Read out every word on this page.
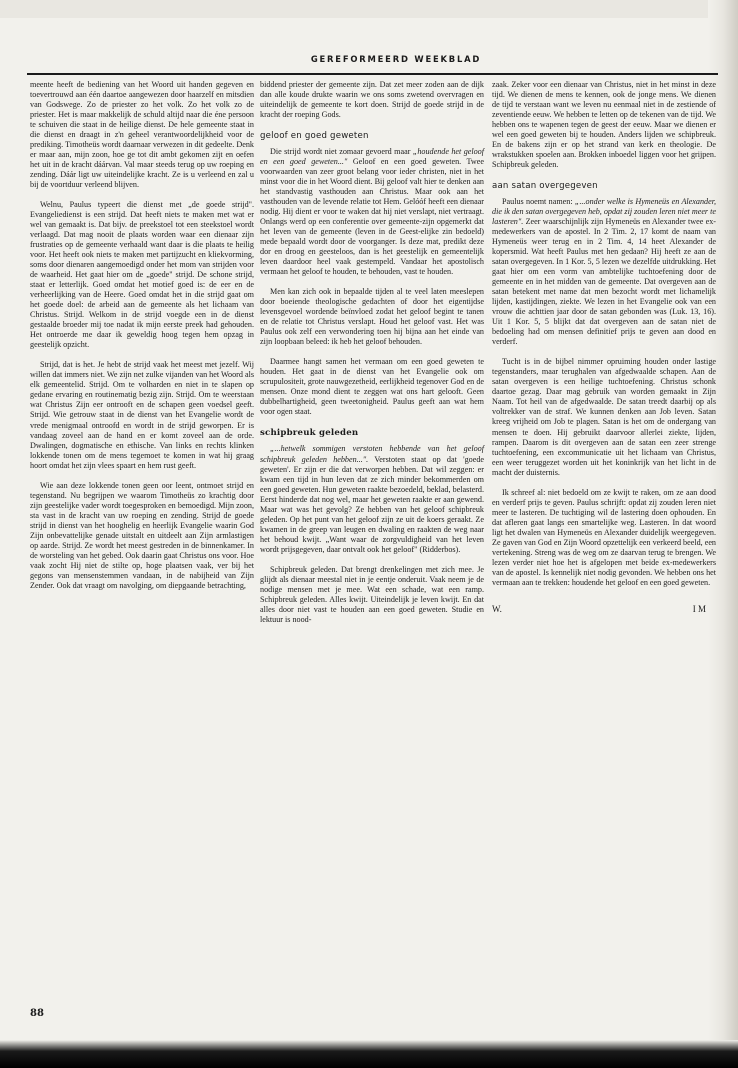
GEREFORMEERD WEEKBLAD

meente heeft de bediening van het Woord uit handen gegeven en toevertrouwd aan één daartoe aangewezen door haarzelf en mitsdien van Godswege. Zo de priester zo het volk. Zo het volk zo de priester. Het is maar makkelijk de schuld altijd naar die éne persoon te schuiven die staat in de heilige dienst. De hele gemeente staat in die dienst en draagt in z'n geheel verantwoordelijkheid voor de prediking. Timotheüs wordt daarnaar verwezen in dit gedeelte. Denk er maar aan, mijn zoon, hoe ge tot dit ambt gekomen zijt en oefen het uit in de kracht dáárvan. Val maar steeds terug op uw roeping en zending. Dáár ligt uw uiteindelijke kracht. Ze is u verleend en zal u bij de voortduur verleend blijven.

Welnu, Paulus typeert die dienst met „de goede strijd". Evangeliedienst is een strijd. Dat heeft niets te maken met wat er wel van gemaakt is. Dat bijv. de preekstoel tot een steekstoel wordt verlaagd. Dat mag nooit de plaats worden waar een dienaar zijn frustraties op de gemeente verhaald want daar is die plaats te heilig voor. Het heeft ook niets te maken met partijzucht en kliekvorming, soms door dienaren aangemoedigd onder het mom van strijden voor de waarheid. Het gaat hier om de „goede" strijd. De schone strijd, staat er letterlijk. Goed omdat het motief goed is: de eer en de verheerlijking van de Heere. Goed omdat het in die strijd gaat om het goede doel: de arbeid aan de gemeente als het lichaam van Christus. Strijd. Welkom in de strijd voegde een in de dienst gestaalde broeder mij toe nadat ik mijn eerste preek had gehouden. Het ontroerde me daar ik geweldig hoog tegen hem opzag in geestelijk opzicht.

Strijd, dat is het. Je hebt de strijd vaak het meest met jezelf. Wij willen dat immers niet. We zijn net zulke vijanden van het Woord als elk gemeentelid. Strijd. Om te volharden en niet in te slapen op gedane ervaring en routinematig bezig zijn. Strijd. Om te weerstaan wat Christus Zijn eer ontrooft en de schapen geen voedsel geeft. Strijd. Wie getrouw staat in de dienst van het Evangelie wordt de vrede menigmaal ontroofd en wordt in de strijd geworpen. Er is vandaag zoveel aan de hand en er komt zoveel aan de orde. Dwalingen, dogmatische en ethische. Van links en rechts klinken lokkende tonen om de mens tegemoet te komen in wat hij graag hoort omdat het zijn vlees spaart en hem rust geeft.

Wie aan deze lokkende tonen geen oor leent, ontmoet strijd en tegenstand. Nu begrijpen we waarom Timotheüs zo krachtig door zijn geestelijke vader wordt toegesproken en bemoedigd. Mijn zoon, sta vast in de kracht van uw roeping en zending. Strijd de goede strijd in dienst van het hooghelig en heerlijk Evangelie waarin God Zijn onbevattelijke genade uitstalt en uitdeelt aan Zijn armlastigen op aarde. Strijd. Ze wordt het meest gestreden in de binnenkamer. In de worsteling van het gebed. Ook daarin gaat Christus ons voor. Hoe vaak zocht Hij niet de stilte op, hoge plaatsen vaak, ver bij het gegons van mensenstemmen vandaan, in de nabijheid van Zijn Zender. Ook dat vraagt om navolging, om diepgaande betrachting,

biddend priester der gemeente zijn. Dat zet meer zoden aan de dijk dan alle koude drukte waarin we ons soms zwetend overvragen en uiteindelijk de gemeente te kort doen. Strijd de goede strijd in de kracht der roeping Gods.

geloof en goed geweten

Die strijd wordt niet zomaar gevoerd maar „houdende het geloof en een goed geweten..." Geloof en een goed geweten. Twee voorwaarden van zeer groot belang voor ieder christen, niet in het minst voor die in het Woord dient. Bij geloof valt hier te denken aan het standvastig vasthouden aan Christus. Maar ook aan het vasthouden van de levende relatie tot Hem. Gelóóf heeft een dienaar nodig. Hij dient er voor te waken dat hij niet verslapt, niet vertraagt. Onlangs werd op een conferentie over gemeente-zijn opgemerkt dat het leven van de gemeente (leven in de Geest-elijke zin bedoeld) mede bepaald wordt door de voorganger. Is deze mat, predikt deze dor en droog en geesteloos, dan is het geestelijk en gemeentelijk leven daardoor heel vaak gestempeld. Vandaar het apostolisch vermaan het geloof te houden, te behouden, vast te houden.

Men kan zich ook in bepaalde tijden al te veel laten meeslepen door boeiende theologische gedachten of door het eigentijdse levensgevoel wordende beïnvloed zodat het geloof begint te tanen en de relatie tot Christus verslapt. Houd het geloof vast. Het was Paulus ook zelf een verwondering toen hij bijna aan het einde van zijn loopbaan beleed: ik heb het geloof behouden.

Daarmee hangt samen het vermaan om een goed geweten te houden. Het gaat in de dienst van het Evangelie ook om scrupulositeit, grote nauwgezetheid, eerlijkheid tegenover God en de mensen. Onze mond dient te zeggen wat ons hart gelooft. Geen dubbelhartigheid, geen tweetonigheid. Paulus geeft aan wat hem voor ogen staat.

schipbreuk geleden

„...hetwelk sommigen verstoten hebbende van het geloof schipbreuk geleden hebben...". Verstoten staat op dat 'goede geweten'. Er zijn er die dat verworpen hebben. Dat wil zeggen: er kwam een tijd in hun leven dat ze zich minder bekommerden om een goed geweten. Hun geweten raakte bezoedeld, beklad, belasterd. Eerst hinderde dat nog wel, maar het geweten raakte er aan gewend. Maar wat was het gevolg? Ze hebben van het geloof schipbreuk geleden. Op het punt van het geloof zijn ze uit de koers geraakt. Ze kwamen in de greep van leugen en dwaling en raakten de weg naar het behoud kwijt. „Want waar de zorgvuldigheid van het leven wordt prijsgegeven, daar ontvalt ook het geloof" (Ridderbos).

Schipbreuk geleden. Dat brengt drenkelingen met zich mee. Je glijdt als dienaar meestal niet in je eentje onderuit. Vaak neem je de nodige mensen met je mee. Wat een schade, wat een ramp. Schipbreuk geleden. Alles kwijt. Uiteindelijk je leven kwijt. En dat alles door niet vast te houden aan een goed geweten. Studie en lektuur is nood-

zaak. Zeker voor een dienaar van Christus, niet in het minst in deze tijd. We dienen de mens te kennen, ook de jonge mens. We dienen de tijd te verstaan want we leven nu eenmaal niet in de zestiende of zeventiende eeuw. We hebben te letten op de tekenen van de tijd. We hebben ons te wapenen tegen de geest der eeuw. Maar we dienen er wel een goed geweten bij te houden. Anders lijden we schipbreuk. En de bakens zijn er op het strand van kerk en theologie. De wrakstukken spoelen aan. Brokken inboedel liggen voor het grijpen. Schipbreuk geleden.

aan satan overgegeven

Paulus noemt namen: „...onder welke is Hymeneüs en Alexander, die ik den satan overgegeven heb, opdat zij zouden leren niet meer te lasteren". Zeer waarschijnlijk zijn Hymeneüs en Alexander twee ex-medewerkers van de apostel. In 2 Tim. 2, 17 komt de naam van Hymeneüs weer terug en in 2 Tim. 4, 14 heet Alexander de kopersmid. Wat heeft Paulus met hen gedaan? Hij heeft ze aan de satan overgegeven. In 1 Kor. 5, 5 lezen we dezelfde uitdrukking. Het gaat hier om een vorm van ambtelijke tuchtoefening door de gemeente en in het midden van de gemeente. Dat overgeven aan de satan betekent met name dat men bezocht wordt met lichamelijk lijden, kastijdingen, ziekte. We lezen in het Evangelie ook van een vrouw die achttien jaar door de satan gebonden was (Luk. 13, 16). Uit 1 Kor. 5, 5 blijkt dat dat overgeven aan de satan niet de bedoeling had om mensen definitief prijs te geven aan dood en verderf.

Tucht is in de bijbel nimmer opruiming houden onder lastige tegenstanders, maar terughalen van afgedwaalde schapen. Aan de satan overgeven is een heilige tuchtoefening. Christus schonk daartoe gezag. Daar mag gebruik van worden gemaakt in Zijn Naam. Tot heil van de afgedwaalde. De satan treedt daarbij op als voltrekker van de straf. We kunnen denken aan Job leven. Satan kreeg vrijheid om Job te plagen. Satan is het om de ondergang van mensen te doen. Hij gebruikt daarvoor allerlei ziekte, lijden, rampen. Daarom is dit overgeven aan de satan een zeer strenge tuchtoefening, een excommunicatie uit het lichaam van Christus, een weer teruggezet worden uit het koninkrijk van het licht in de macht der duisternis.

Ik schreef al: niet bedoeld om ze kwijt te raken, om ze aan dood en verderf prijs te geven. Paulus schrijft: opdat zij zouden leren niet meer te lasteren. De tuchtiging wil de lastering doen ophouden. En dat afleren gaat langs een smartelijke weg. Lasteren. In dat woord ligt het dwalen van Hymeneüs en Alexander duidelijk weergegeven. Ze gaven van God en Zijn Woord opzettelijk een verkeerd beeld, een vertekening. Streng was de weg om ze daarvan terug te brengen. We lezen verder niet hoe het is afgelopen met beide ex-medewerkers van de apostel. Is kennelijk niet nodig gevonden. We hebben ons het vermaan aan te trekken: houdende het geloof en een goed geweten.

W.	I M
88
